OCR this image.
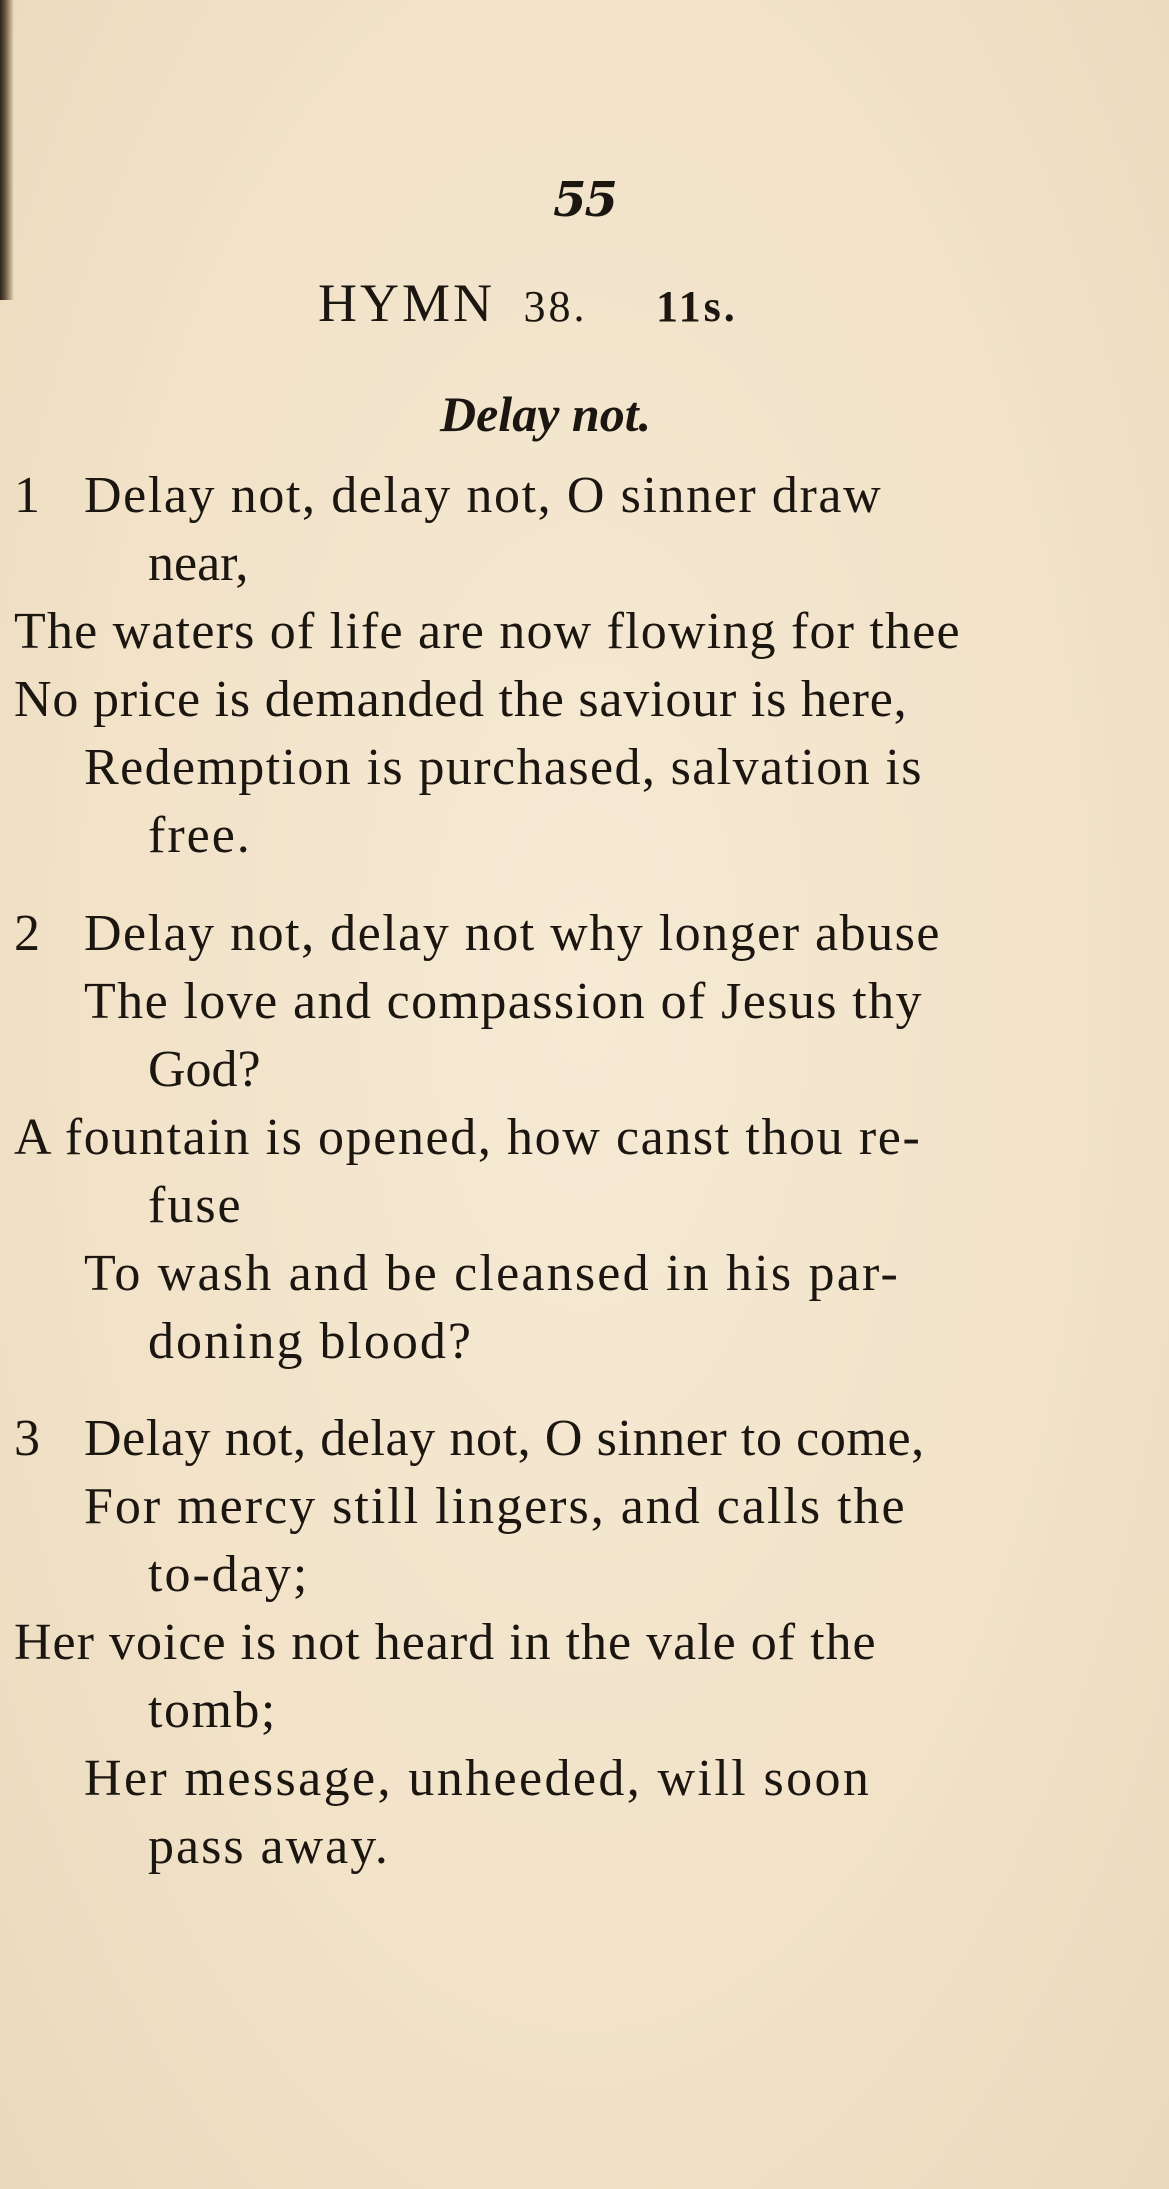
55
HYMN 38. 11s.
Delay not.
1 Delay not, delay not, O sinner draw
near,
The waters of life are now flowing for thee
No price is demanded the saviour is here,
Redemption is purchased, salvation is
free.
2 Delay not, delay not why longer abuse
The love and compassion of Jesus thy
God?
A fountain is opened, how canst thou re-
fuse
To wash and be cleansed in his par-
doning blood?
3 Delay not, delay not, O sinner to come,
For mercy still lingers, and calls the
to-day;
Her voice is not heard in the vale of the
tomb;
Her message, unheeded, will soon
pass away.
